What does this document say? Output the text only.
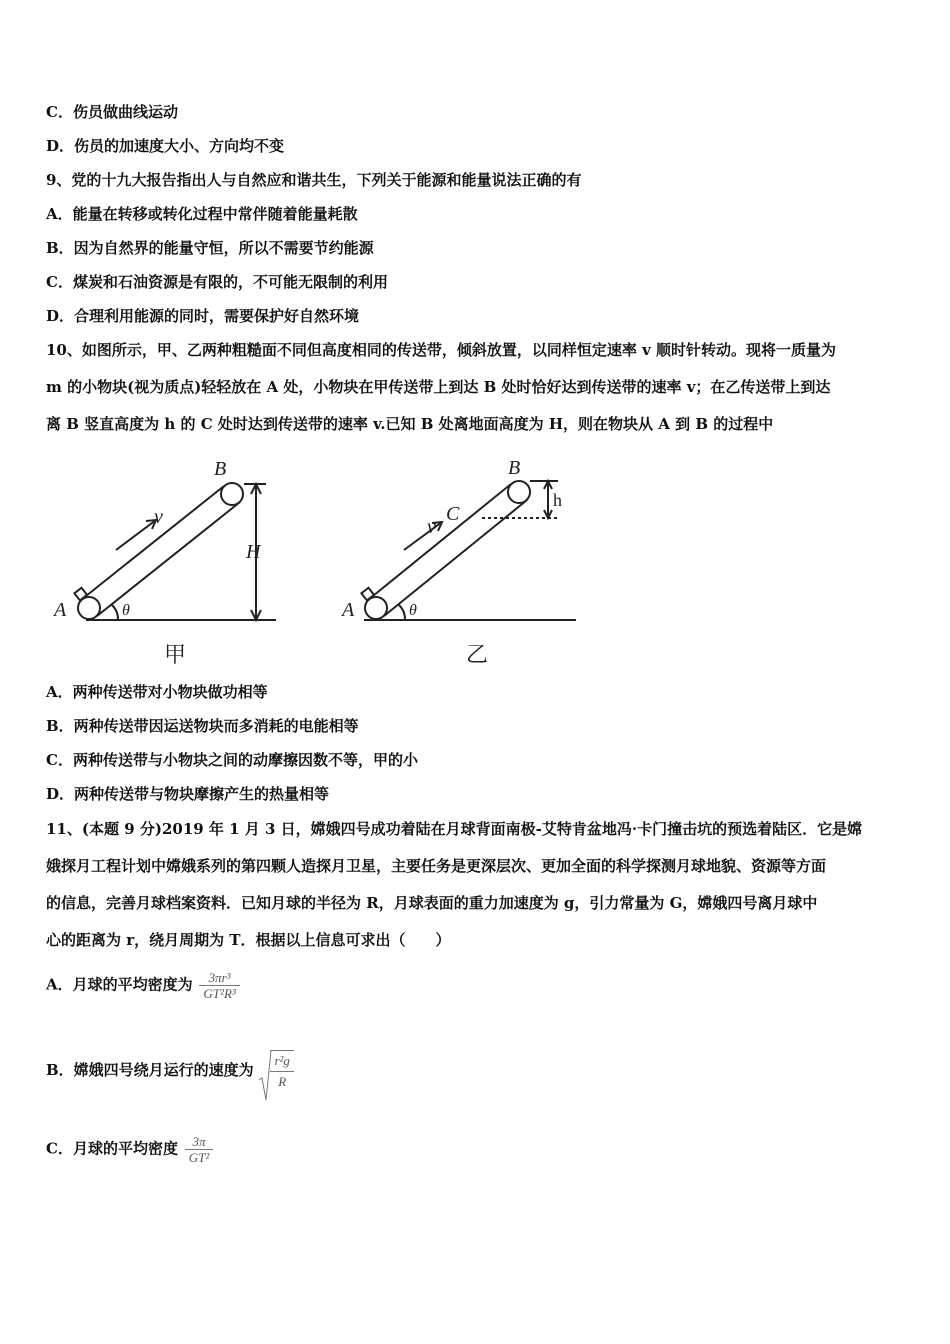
C．伤员做曲线运动
D．伤员的加速度大小、方向均不变
9、党的十九大报告指出人与自然应和谐共生，下列关于能源和能量说法正确的有
A．能量在转移或转化过程中常伴随着能量耗散
B．因为自然界的能量守恒，所以不需要节约能源
C．煤炭和石油资源是有限的，不可能无限制的利用
D．合理利用能源的同时，需要保护好自然环境
10、如图所示，甲、乙两种粗糙面不同但高度相同的传送带，倾斜放置，以同样恒定速率 v 顺时针转动。现将一质量为
m 的小物块(视为质点)轻轻放在 A 处，小物块在甲传送带上到达 B 处时恰好达到传送带的速率 v；在乙传送带上到达
离 B 竖直高度为 h 的 C 处时达到传送带的速率 v.已知 B 处离地面高度为 H，则在物块从 A 到 B 的过程中
A
B
H
v
θ
甲
A
B
C
h
v
θ
乙
A．两种传送带对小物块做功相等
B．两种传送带因运送物块而多消耗的电能相等
C．两种传送带与小物块之间的动摩擦因数不等，甲的小
D．两种传送带与物块摩擦产生的热量相等
11、(本题 9 分)2019 年 1 月 3 日，嫦娥四号成功着陆在月球背面南极-艾特肯盆地冯·卡门撞击坑的预选着陆区．它是嫦
娥探月工程计划中嫦娥系列的第四颗人造探月卫星，主要任务是更深层次、更加全面的科学探测月球地貌、资源等方面
的信息，完善月球档案资料．已知月球的半径为 R，月球表面的重力加速度为 g，引力常量为 G，嫦娥四号离月球中
心的距离为 r，绕月周期为 T．根据以上信息可求出（　　）
A．月球的平均密度为 $\frac{\text{3πr³}}{\text{GT²R³}}$
B．嫦娥四号绕月运行的速度为 $\frac{\text{r²g}}{R}$
C．月球的平均密度 $\frac{3\pi}{\text{GT²}}$
